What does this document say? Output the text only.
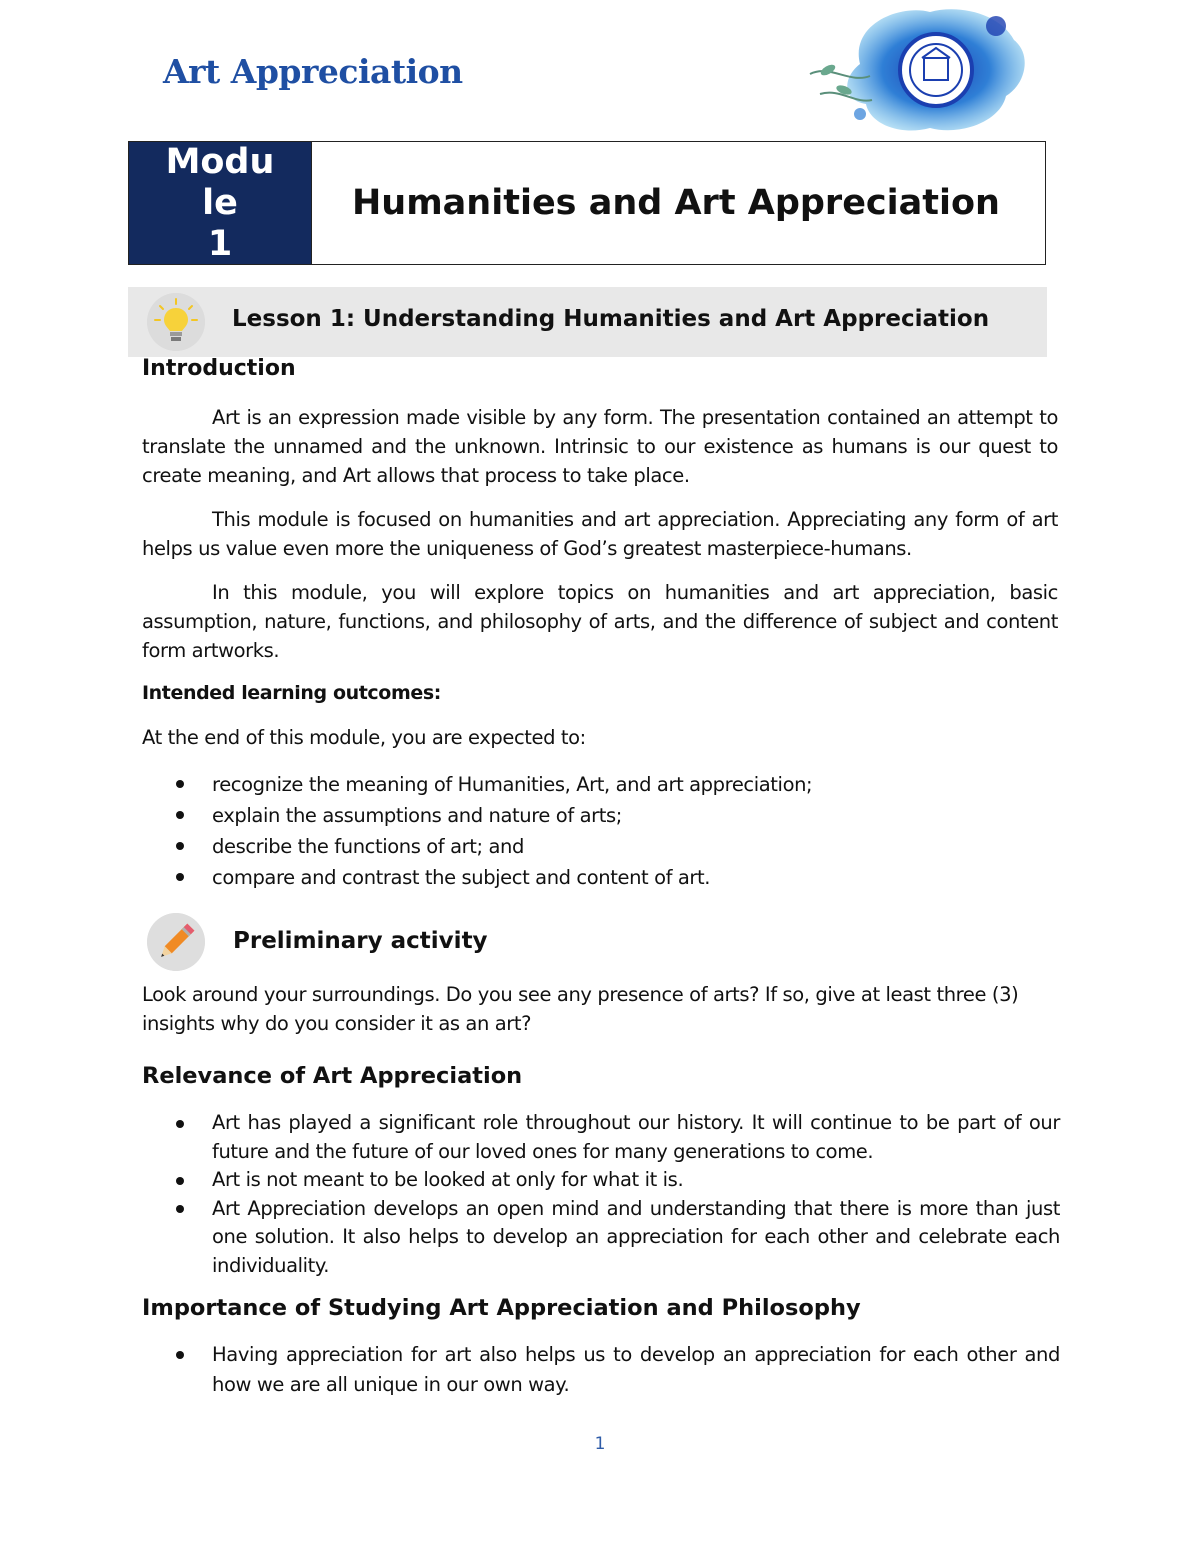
Art Appreciation
Modu
le
1
Humanities and Art Appreciation
Lesson 1: Understanding Humanities and Art Appreciation
Introduction
Art is an expression made visible by any form. The presentation contained an attempt to translate the unnamed and the unknown. Intrinsic to our existence as humans is our quest to create meaning, and Art allows that process to take place.
This module is focused on humanities and art appreciation. Appreciating any form of art helps us value even more the uniqueness of God’s greatest masterpiece-humans.
In this module, you will explore topics on humanities and art appreciation, basic assumption, nature, functions, and philosophy of arts, and the difference of subject and content form artworks.
Intended learning outcomes:
At the end of this module, you are expected to:
recognize the meaning of Humanities, Art, and art appreciation;
explain the assumptions and nature of arts;
describe the functions of art; and
compare and contrast the subject and content of art.
Preliminary activity
Look around your surroundings. Do you see any presence of arts? If so, give at least three (3) insights why do you consider it as an art?
Relevance of Art Appreciation
Art has played a significant role throughout our history. It will continue to be part of our future and the future of our loved ones for many generations to come.
Art is not meant to be looked at only for what it is.
Art Appreciation develops an open mind and understanding that there is more than just one solution. It also helps to develop an appreciation for each other and celebrate each individuality.
Importance of Studying Art Appreciation and Philosophy
Having appreciation for art also helps us to develop an appreciation for each other and how we are all unique in our own way.
1
